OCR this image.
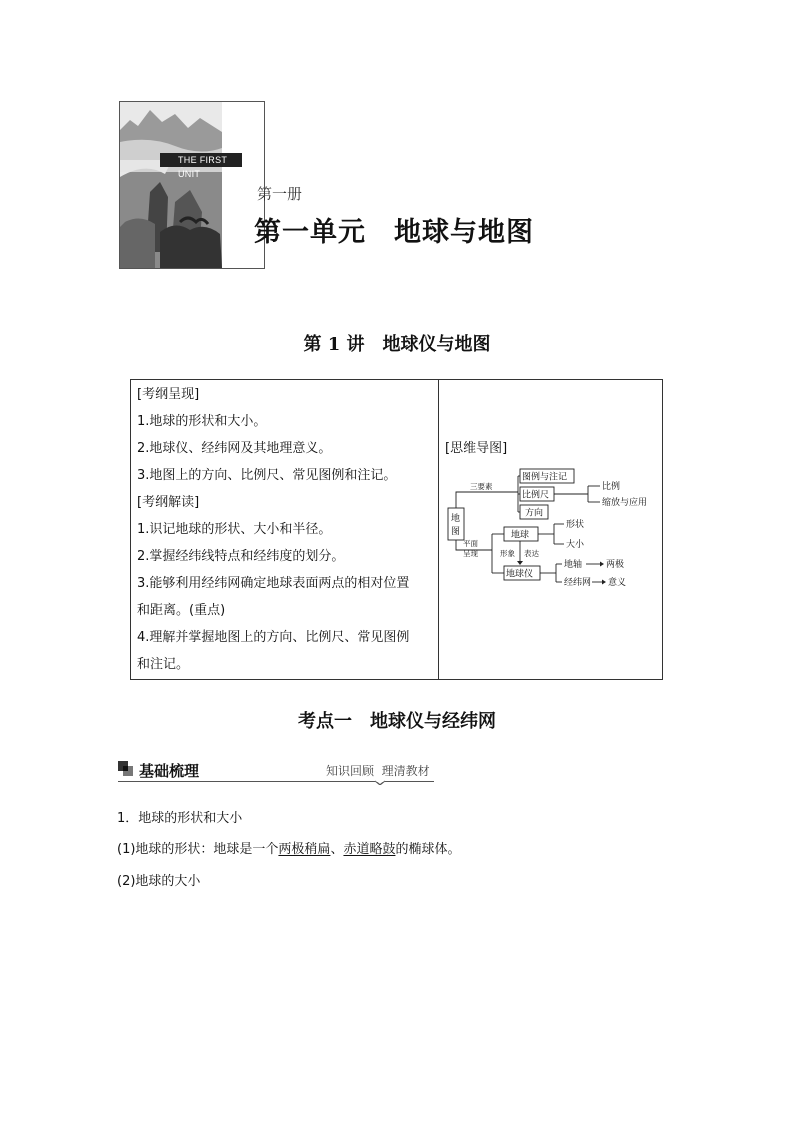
THE FIRST UNIT
第一册
第一单元　地球与地图
第 1 讲　地球仪与地图

[考纲呈现]

1.地球的形状和大小。

2.地球仪、经纬网及其地理意义。

3.地图上的方向、比例尺、常见图例和注记。

[考纲解读]

1.识记地球的形状、大小和半径。

2.掌握经纬线特点和经纬度的划分。

3.能够利用经纬网确定地球表面两点的相对位置

和距离。(重点)

4.理解并掌握地图上的方向、比例尺、常见图例

和注记。

[思维导图]
地
图
三要素
平面
呈现
图例与注记
比例尺
方向
比例
缩放与应用
地球
地球仪
形象 表达
形状
大小
地轴	两极
经纬网 意义
考点一　地球仪与经纬网
基础梳理	知识回顾  理清教材
1．地球的形状和大小
(1)地球的形状：地球是一个两极稍扁、赤道略鼓的椭球体。
(2)地球的大小
